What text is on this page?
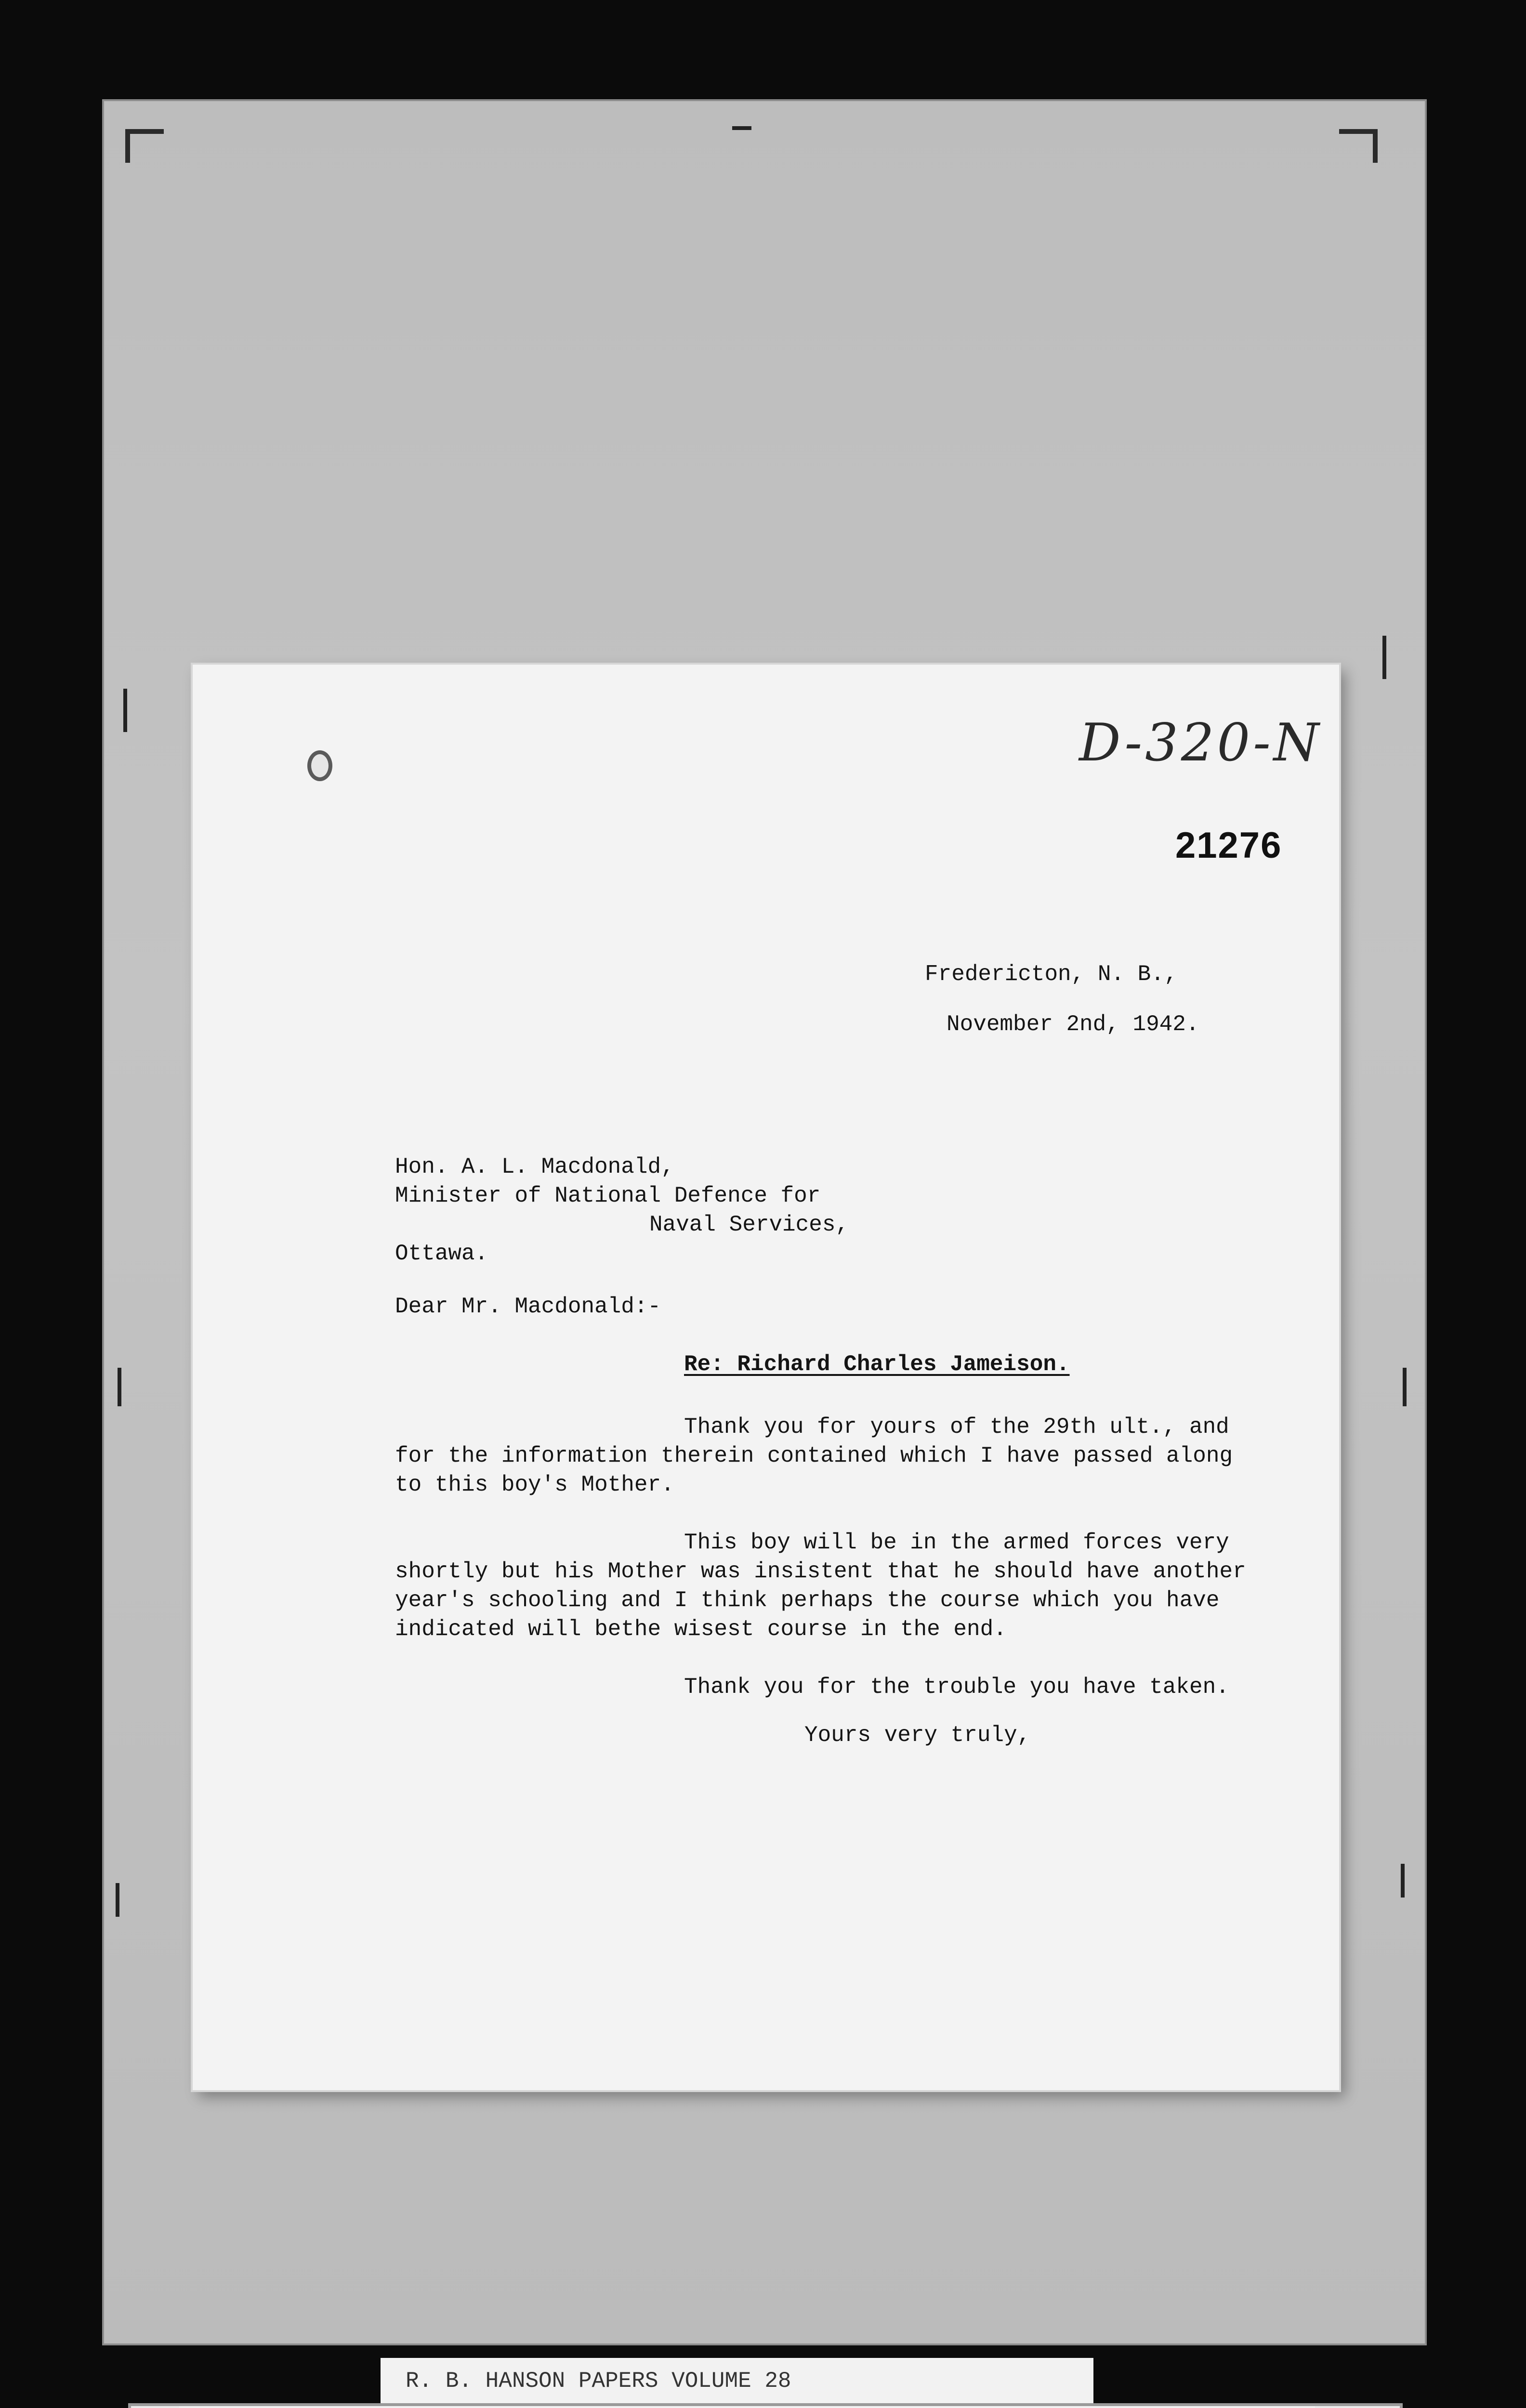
D-320-N
21276
Fredericton, N. B.,
November 2nd, 1942.
Hon. A. L. Macdonald,
Minister of National Defence for
Naval Services,
Ottawa.
Dear Mr. Macdonald:-
Re: Richard Charles Jameison.
Thank you for yours of the 29th ult., and
for the information therein contained which I have passed along
to this boy's Mother.
This boy will be in the armed forces very
shortly but his Mother was insistent that he should have another
year's schooling and I think perhaps the course which you have
indicated will bethe wisest course in the end.
Thank you for the trouble you have taken.
Yours very truly,
R. B. HANSON PAPERS VOLUME 28
